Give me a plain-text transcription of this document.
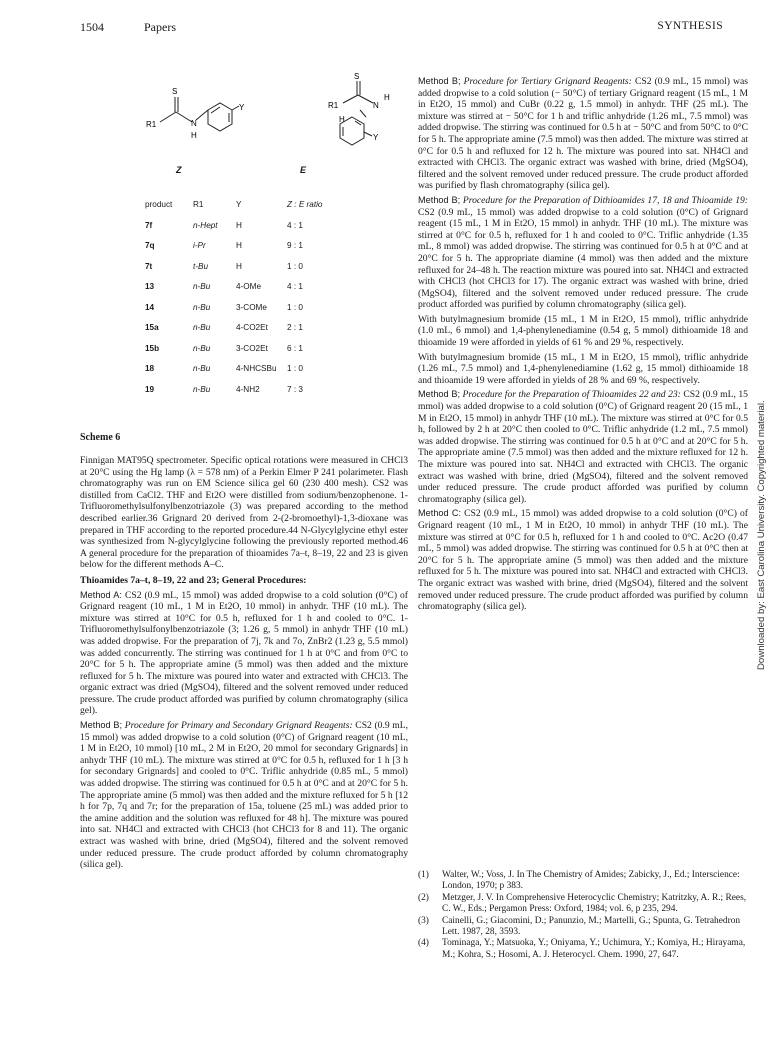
1504	Papers	SYNTHESIS
S
R1	N
H
Y
S
R1	N
H
H
Y
Z	E
product	R1	Y	Z : E ratio
7f	n-Hept H	4 : 1
7q	i-Pr	H	9 : 1
7t	t-Bu	H	1 : 0
13	n-Bu	4-OMe	4 : 1
14	n-Bu	3-COMe 1 : 0
15a	n-Bu	4-CO2Et 2 : 1
15b	n-Bu	3-CO2Et 6 : 1
18	n-Bu	4-NHCSBu 1 : 0
19	n-Bu	4-NH2	7 : 3
Scheme 6

Finnigan MAT95Q spectrometer. Specific optical rotations were measured in CHCl3 at 20°C using the Hg lamp (λ = 578 nm) of a Perkin Elmer P 241 polarimeter. Flash chromatography was run on EM Science silica gel 60 (230 400 mesh). CS2 was distilled from CaCl2. THF and Et2O were distilled from sodium/benzophenone. 1-Trifluoromethylsulfonylbenzotriazole (3) was prepared according to the method described earlier.36 Grignard 20 derived from 2-(2-bromoethyl)-1,3-dioxane was prepared in THF according to the reported procedure.44 N-Glycylglycine ethyl ester was synthesized from N-glycylglycine following the previously reported method.46 A general procedure for the preparation of thioamides 7a–t, 8–19, 22 and 23 is given below for the different methods A–C.

Thioamides 7a–t, 8–19, 22 and 23; General Procedures:

Method A: CS2 (0.9 mL, 15 mmol) was added dropwise to a cold solution (0°C) of Grignard reagent (10 mL, 1 M in Et2O, 10 mmol) in anhydr. THF (10 mL). The mixture was stirred at 10°C for 0.5 h, refluxed for 1 h and cooled to 0°C. 1-Trifluoromethylsulfonylbenzotriazole (3; 1.26 g, 5 mmol) in anhydr THF (10 mL) was added dropwise. For the preparation of 7j, 7k and 7o, ZnBr2 (1.23 g, 5.5 mmol) was added concurrently. The stirring was continued for 1 h at 0°C and from 0°C to 20°C for 5 h. The appropriate amine (5 mmol) was then added and the mixture refluxed for 5 h. The mixture was poured into water and extracted with CHCl3. The organic extract was dried (MgSO4), filtered and the solvent removed under reduced pressure. The crude product afforded was purified by column chromatography (silica gel).

Method B; Procedure for Primary and Secondary Grignard Reagents: CS2 (0.9 mL, 15 mmol) was added dropwise to a cold solution (0°C) of Grignard reagent (10 mL, 1 M in Et2O, 10 mmol) [10 mL, 2 M in Et2O, 20 mmol for secondary Grignards] in anhydr THF (10 mL). The mixture was stirred at 0°C for 0.5 h, refluxed for 1 h [3 h for secondary Grignards] and cooled to 0°C. Triflic anhydride (0.85 mL, 5 mmol) was added dropwise. The stirring was continued for 0.5 h at 0°C and at 20°C for 5 h. The appropriate amine (5 mmol) was then added and the mixture refluxed for 5 h [12 h for 7p, 7q and 7r; for the preparation of 15a, toluene (25 mL) was added prior to the amine addition and the solution was refluxed for 48 h]. The mixture was poured into sat. NH4Cl and extracted with CHCl3 (hot CHCl3 for 8 and 11). The organic extract was washed with brine, dried (MgSO4), filtered and the solvent removed under reduced pressure. The crude product afforded by column chromatography (silica gel).

Method B; Procedure for Tertiary Grignard Reagents: CS2 (0.9 mL, 15 mmol) was added dropwise to a cold solution (− 50°C) of tertiary Grignard reagent (15 mL, 1 M in Et2O, 15 mmol) and CuBr (0.22 g, 1.5 mmol) in anhydr. THF (25 mL). The mixture was stirred at − 50°C for 1 h and triflic anhydride (1.26 mL, 7.5 mmol) was added dropwise. The stirring was continued for 0.5 h at − 50°C and from 50°C to 0°C for 5 h. The appropriate amine (7.5 mmol) was then added. The mixture was stirred at 0°C for 0.5 h and refluxed for 12 h. The mixture was poured into sat. NH4Cl and extracted with CHCl3. The organic extract was washed with brine, dried (MgSO4), filtered and the solvent removed under reduced pressure. The crude product afforded was purified by flash chromatography (silica gel).

Method B; Procedure for the Preparation of Dithioamides 17, 18 and Thioamide 19: CS2 (0.9 mL, 15 mmol) was added dropwise to a cold solution (0°C) of Grignard reagent (15 mL, 1 M in Et2O, 15 mmol) in anhydr. THF (10 mL). The mixture was stirred at 0°C for 0.5 h, refluxed for 1 h and cooled to 0°C. Triflic anhydride (1.35 mL, 8 mmol) was added dropwise. The stirring was continued for 0.5 h at 0°C and at 20°C for 5 h. The appropriate diamine (4 mmol) was then added and the mixture refluxed for 24–48 h. The reaction mixture was poured into sat. NH4Cl and extracted with CHCl3 (hot CHCl3 for 17). The organic extract was washed with brine, dried (MgSO4), filtered and the solvent removed under reduced pressure. The crude product afforded was purified by column chromatography (silica gel).

With butylmagnesium bromide (15 mL, 1 M in Et2O, 15 mmol), triflic anhydride (1.0 mL, 6 mmol) and 1,4-phenylenediamine (0.54 g, 5 mmol) dithioamide 18 and thioamide 19 were afforded in yields of 61 % and 29 %, respectively.

With butylmagnesium bromide (15 mL, 1 M in Et2O, 15 mmol), triflic anhydride (1.26 mL, 7.5 mmol) and 1,4-phenylenediamine (1.62 g, 15 mmol) dithioamide 18 and thioamide 19 were afforded in yields of 28 % and 69 %, respectively.

Method B; Procedure for the Preparation of Thioamides 22 and 23: CS2 (0.9 mL, 15 mmol) was added dropwise to a cold solution (0°C) of Grignard reagent 20 (15 mL, 1 M in Et2O, 15 mmol) in anhydr THF (10 mL). The mixture was stirred at 0°C for 0.5 h, followed by 2 h at 20°C then cooled to 0°C. Triflic anhydride (1.2 mL, 7.5 mmol) was added dropwise. The stirring was continued for 0.5 h at 0°C and at 20°C for 5 h. The appropriate amine (7.5 mmol) was then added and the mixture refluxed for 12 h. The mixture was poured into sat. NH4Cl and extracted with CHCl3. The organic extract was washed with brine, dried (MgSO4), filtered and the solvent removed under reduced pressure. The crude product afforded was purified by column chromatography (silica gel).

Method C: CS2 (0.9 mL, 15 mmol) was added dropwise to a cold solution (0°C) of Grignard reagent (10 mL, 1 M in Et2O, 10 mmol) in anhydr THF (10 mL). The mixture was stirred at 0°C for 0.5 h, refluxed for 1 h and cooled to 0°C. Ac2O (0.47 mL, 5 mmol) was added dropwise. The stirring was continued for 0.5 h at 0°C then at 20°C for 5 h. The appropriate amine (5 mmol) was then added and the mixture refluxed for 5 h. The mixture was poured into sat. NH4Cl and extracted with CHCl3. The organic extract was washed with brine, dried (MgSO4), filtered and the solvent removed under reduced pressure. The crude product afforded was purified by column chromatography (silica gel).

(1) Walter, W.; Voss, J. In The Chemistry of Amides; Zabicky, J., Ed.; Interscience: London, 1970; p 383.
(2) Metzger, J. V. In Comprehensive Heterocyclic Chemistry; Katritzky, A. R.; Rees, C. W., Eds.; Pergamon Press: Oxford, 1984; vol. 6, p 235, 294.
(3) Cainelli, G.; Giacomini, D.; Panunzio, M.; Martelli, G.; Spunta, G. Tetrahedron Lett. 1987, 28, 3593.
(4) Tominaga, Y.; Matsuoka, Y.; Oniyama, Y.; Uchimura, Y.; Komiya, H.; Hirayama, M.; Kohra, S.; Hosomi, A. J. Heterocycl. Chem. 1990, 27, 647.
Downloaded by: East Carolina University. Copyrighted material.
